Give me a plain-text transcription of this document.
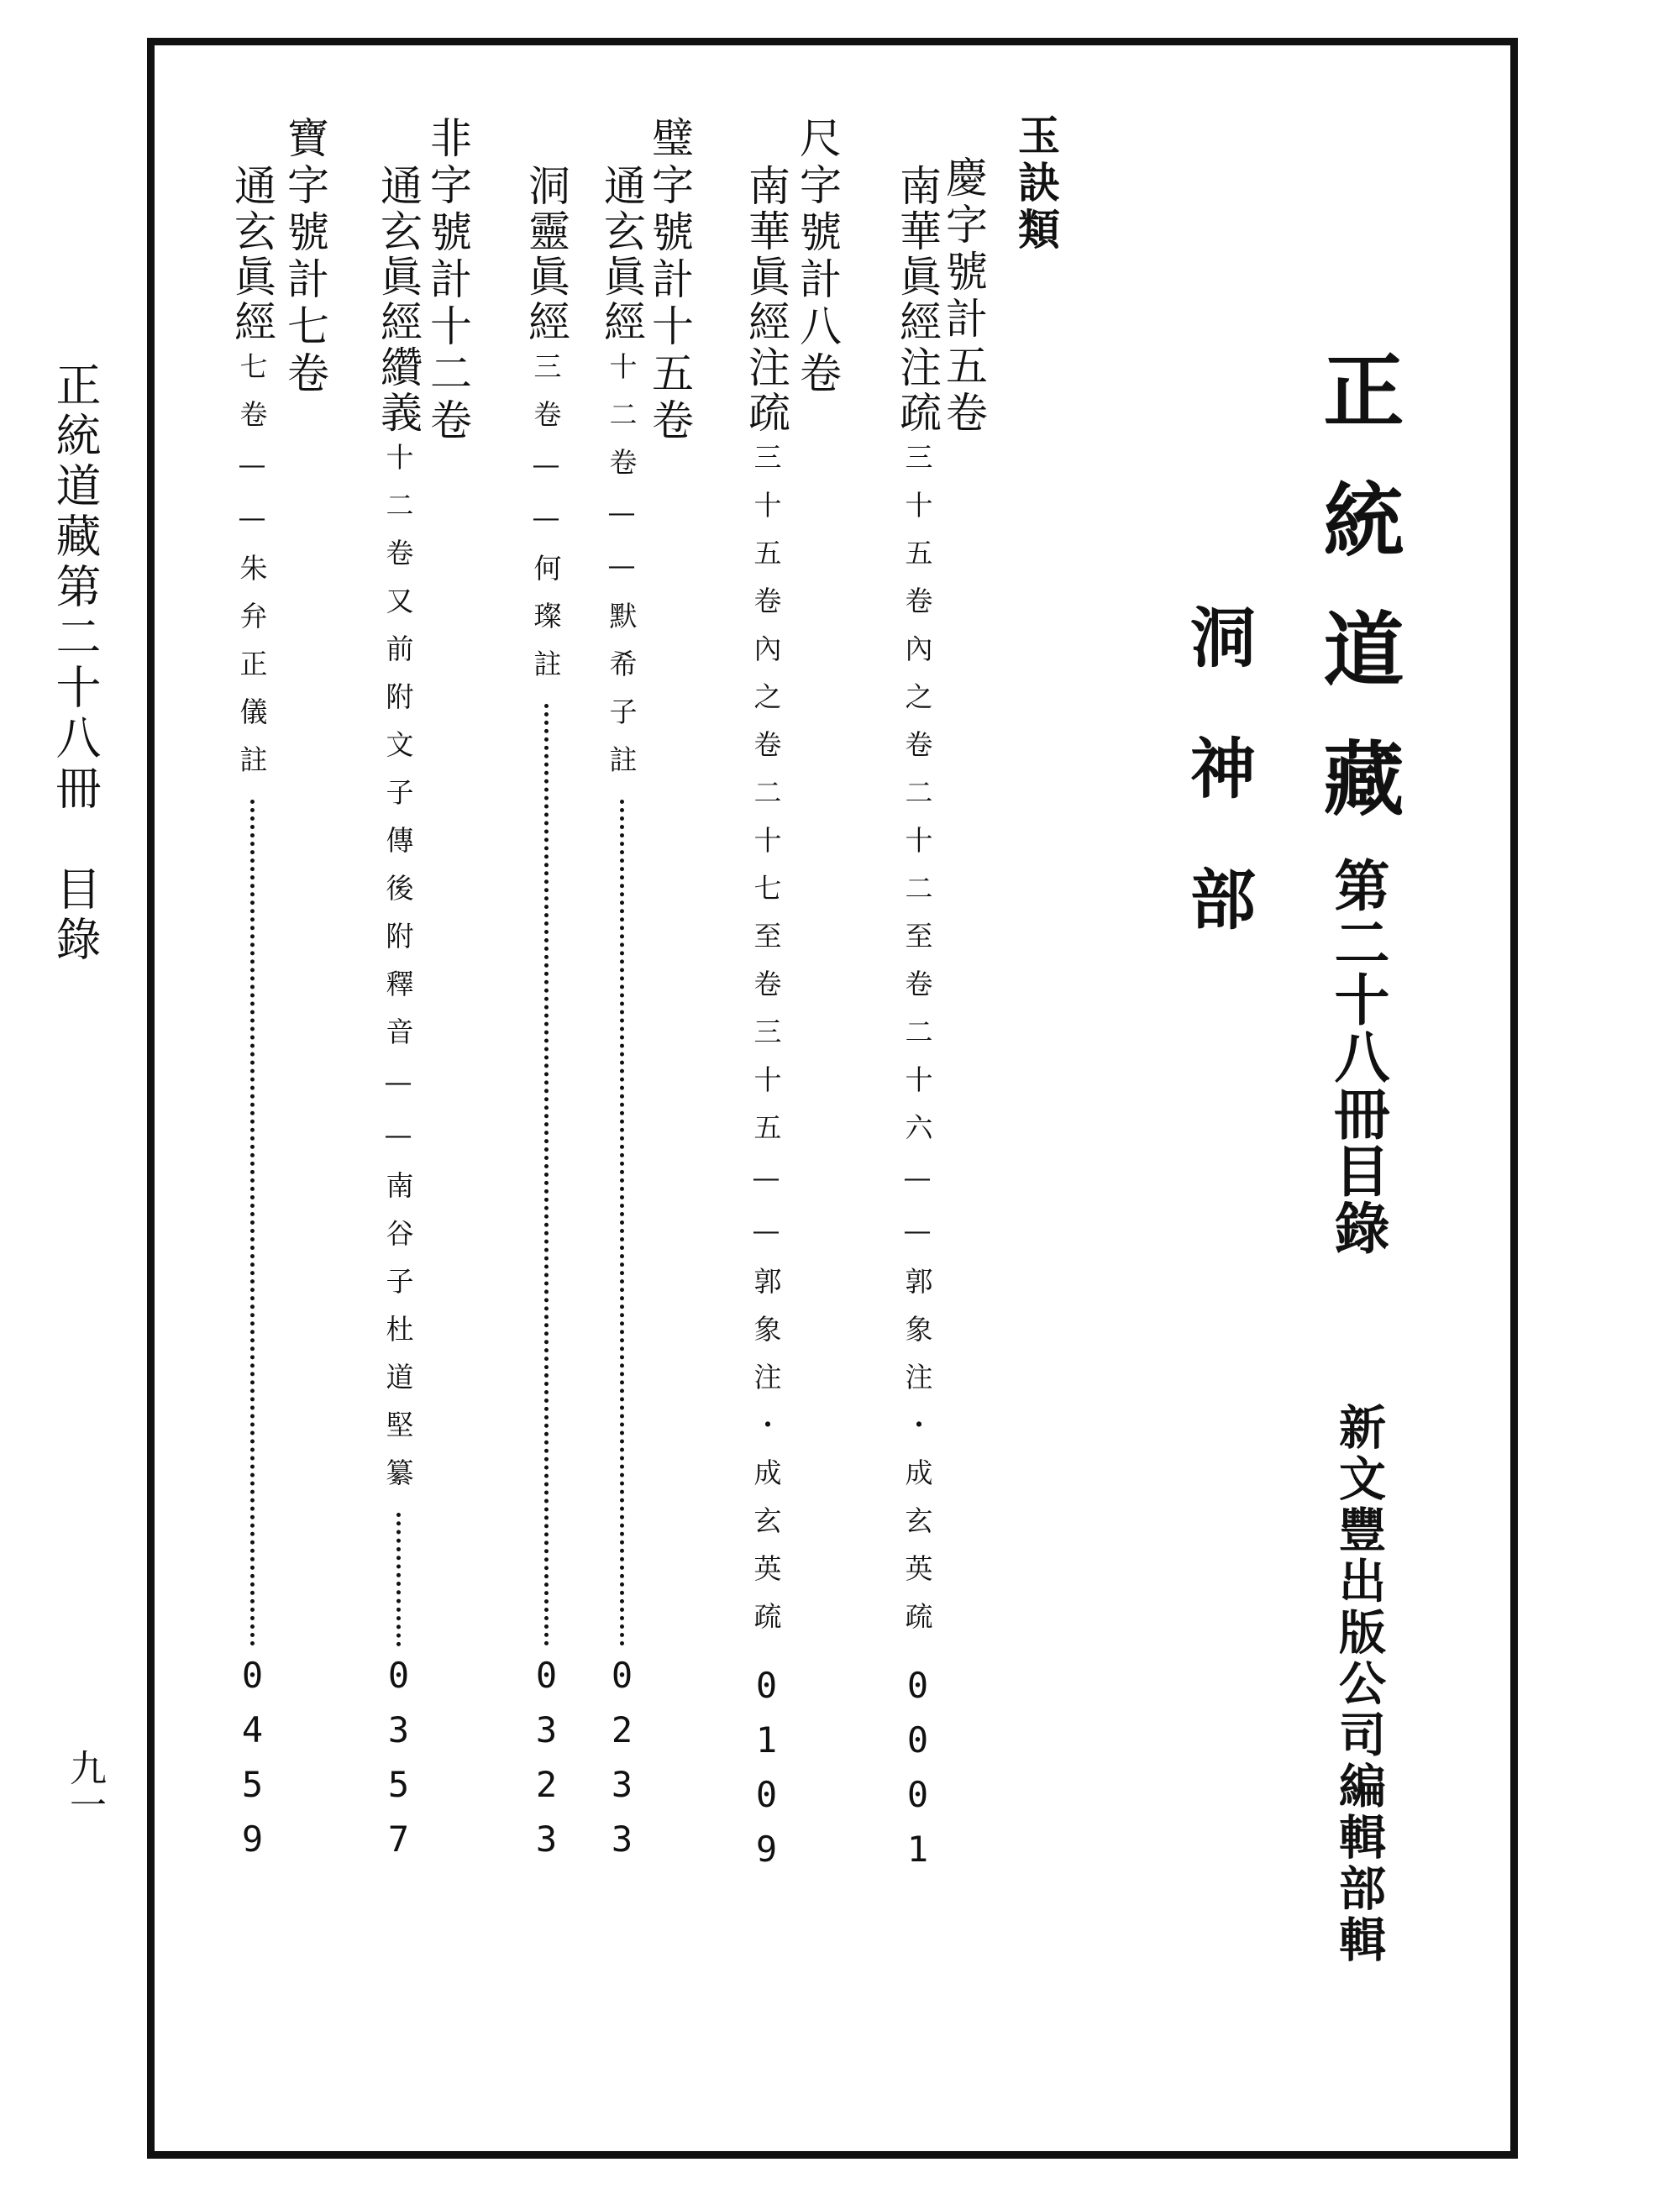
正統道藏
第二十八冊目錄
洞神部
新文豐出版公司編輯部輯
玉訣類
慶字號計五卷
南華眞經注疏
三十五卷內之卷二十二至卷二十六——郭象注・成玄英疏
0001
尺字號計八卷
南華眞經注疏
三十五卷內之卷二十七至卷三十五——郭象注・成玄英疏
0109
璧字號計十五卷
通玄眞經
十二卷——默希子註
0233
洞靈眞經
三卷——何璨註
0323
非字號計十二卷
通玄眞經纘義
十二卷又前附文子傳後附釋音——南谷子杜道堅纂
0357
寶字號計七卷
通玄眞經
七卷——朱弁正儀註
0459
正統道藏第二十八冊　目錄
九一
